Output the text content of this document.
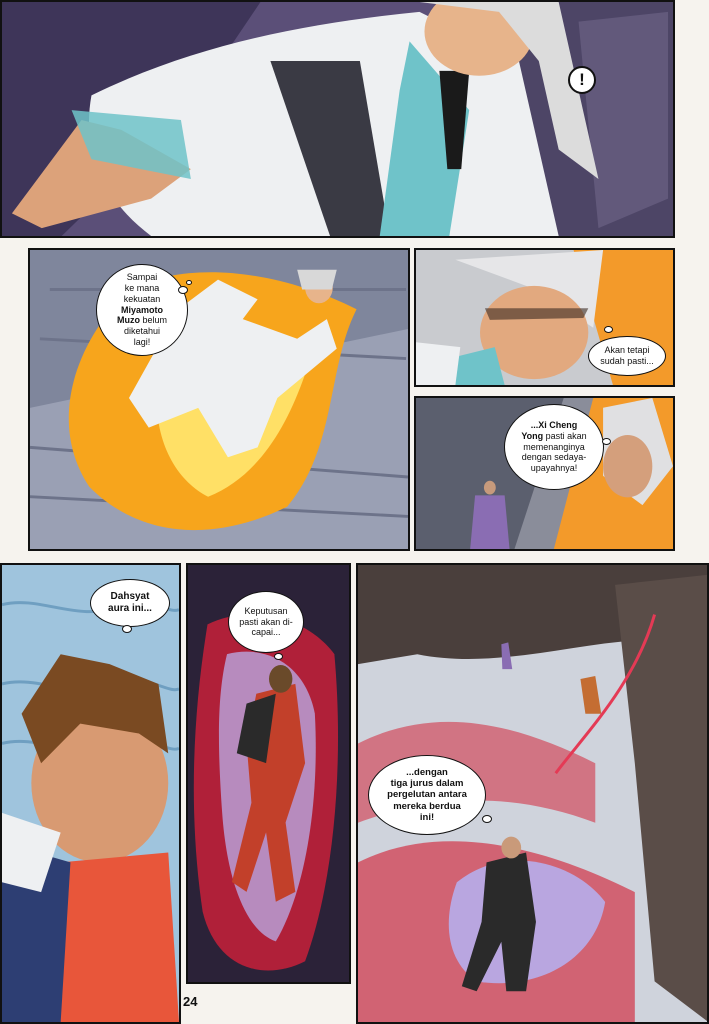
!
Sampai
ke mana
kekuatan
Miyamoto
Muzo belum
diketahui
lagi!
Akan tetapi
sudah pasti...
...Xi Cheng
Yong pasti akan
memenanginya
dengan sedaya-
upayahnya!
Dahsyat
aura ini...	Keputusan
pasti akan di-
capai...
...dengan
tiga jurus dalam
pergelutan antara
mereka berdua
ini!
24
